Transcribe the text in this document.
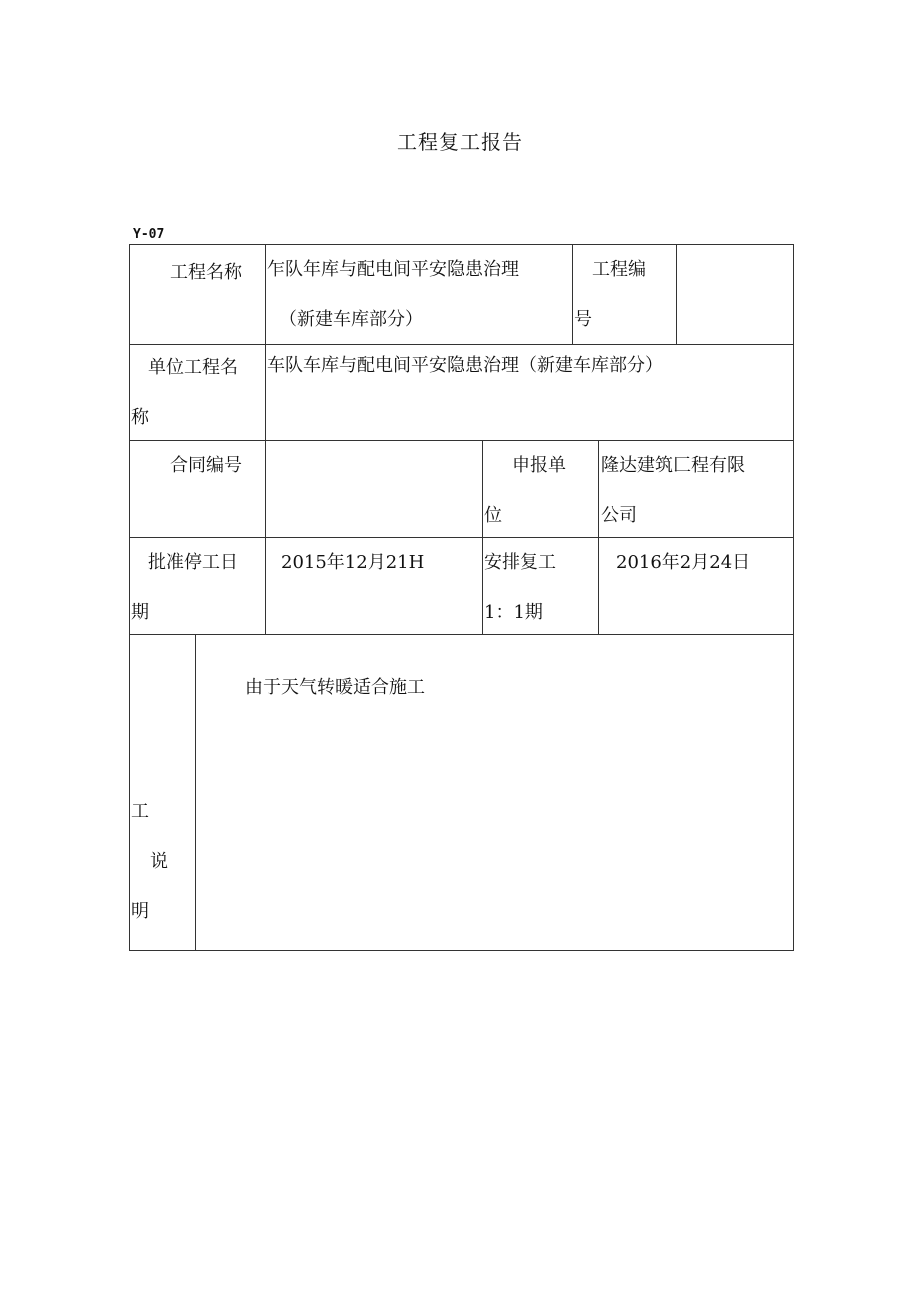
工程复工报告
Y-07
工程名称 乍队年库与配电间平安隐患治理
（新建车库部分）
工程编
号
单位工程名
称
车队车库与配电间平安隐患治理（新建车库部分）
合同编号	申报单
位
隆达建筑匚程有限
公司
批准停工日
期
2015年12月21H	安排复工
1：1期
2016年2月24日
工
说
明
由于天气转暖适合施工
